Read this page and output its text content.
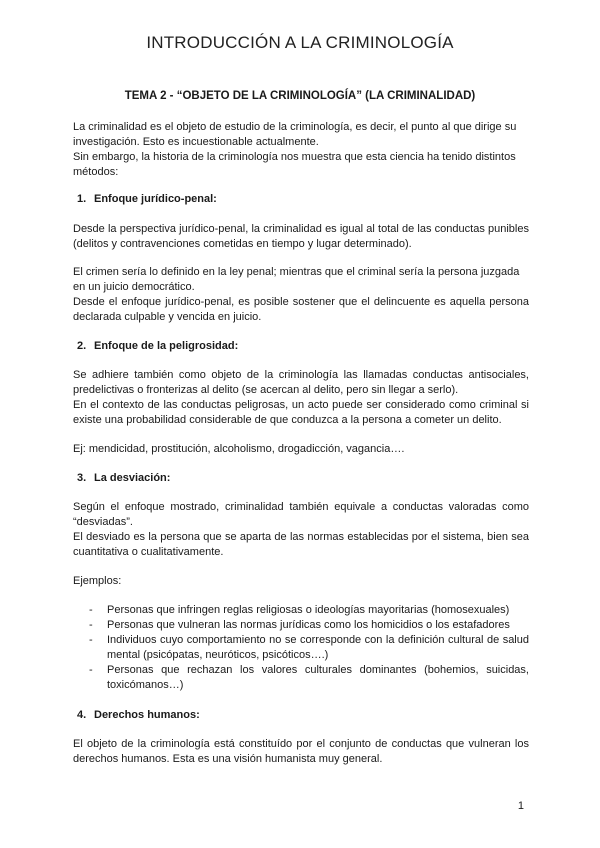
INTRODUCCIÓN A LA CRIMINOLOGÍA
TEMA 2 - “OBJETO DE LA CRIMINOLOGÍA” (LA CRIMINALIDAD)

La criminalidad es el objeto de estudio de la criminología, es decir, el punto al que dirige su investigación. Esto es incuestionable actualmente.

Sin embargo, la historia de la criminología nos muestra que esta ciencia ha tenido distintos métodos:

1. Enfoque jurídico-penal:
Desde la perspectiva jurídico-penal, la criminalidad es igual al total de las conductas punibles (delitos y contravenciones cometidas en tiempo y lugar determinado).

El crimen sería lo definido en la ley penal; mientras que el criminal sería la persona juzgada en un juicio democrático.

Desde el enfoque jurídico-penal, es posible sostener que el delincuente es aquella persona declarada culpable y vencida en juicio.

2. Enfoque de la peligrosidad:

Se adhiere también como objeto de la criminología las llamadas conductas antisociales, predelictivas o fronterizas al delito (se acercan al delito, pero sin llegar a serlo).

En el contexto de las conductas peligrosas, un acto puede ser considerado como criminal si existe una probabilidad considerable de que conduzca a la persona a cometer un delito.

Ej: mendicidad, prostitución, alcoholismo, drogadicción, vagancia….
3. La desviación:

Según el enfoque mostrado, criminalidad también equivale a conductas valoradas como “desviadas”.

El desviado es la persona que se aparta de las normas establecidas por el sistema, bien sea cuantitativa o cualitativamente.

Ejemplos:
- Personas que infringen reglas religiosas o ideologías mayoritarias (homosexuales)
- Personas que vulneran las normas jurídicas como los homicidios o los estafadores
- Individuos cuyo comportamiento no se corresponde con la definición cultural de salud mental (psicópatas, neuróticos, psicóticos….)
- Personas que rechazan los valores culturales dominantes (bohemios, suicidas, toxicómanos…)
4. Derechos humanos:
El objeto de la criminología está constituído por el conjunto de conductas que vulneran los derechos humanos. Esta es una visión humanista muy general.
1
